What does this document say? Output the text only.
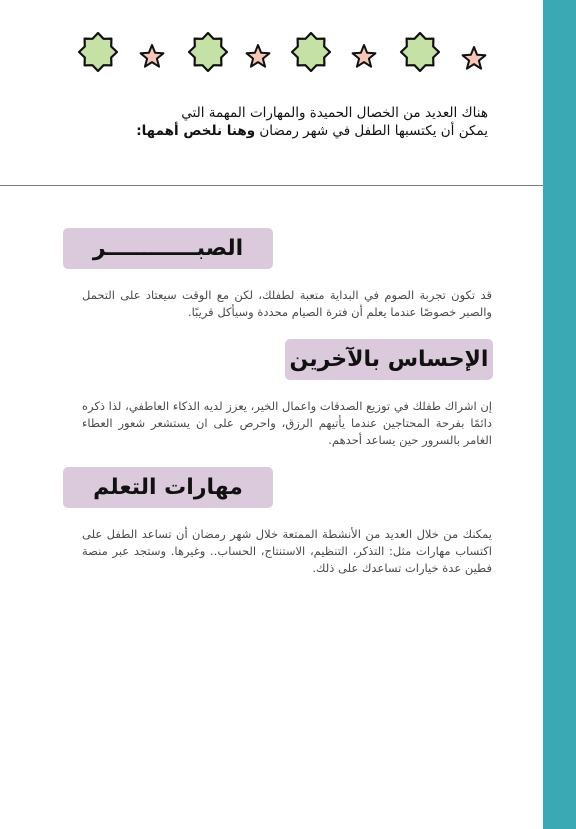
هناك العديد من الخصال الحميدة والمهارات المهمة التي
يمكن أن يكتسبها الطفل في شهر رمضان وهنا نلخص أهمها:
الصبــــــــــــر
قد تكون تجربة الصوم في البداية متعبة لطفلك، لكن مع الوقت سيعتاد على التحمل والصبر خصوصًا عندما يعلم أن فترة الصيام محددة وسيأكل قريبًا.
الإحساس بالآخرين
إن اشراك طفلك في توزيع الصدقات واعمال الخير، يعزز لديه الذكاء العاطفي، لذا ذكره دائمًا بفرحة المحتاجين عندما يأتيهم الرزق، واحرص على ان يستشعر شعور العطاء الغامر بالسرور حين يساعد أحدهم.
مهارات التعلم
يمكنك من خلال العديد من الأنشطة الممتعة خلال شهر رمضان أن تساعد الطفل على اكتساب مهارات مثل: التذكر، التنظيم، الاستنتاج، الحساب.. وغيرها. وستجد عبر منصة فطين عدة خيارات تساعدك على ذلك.
